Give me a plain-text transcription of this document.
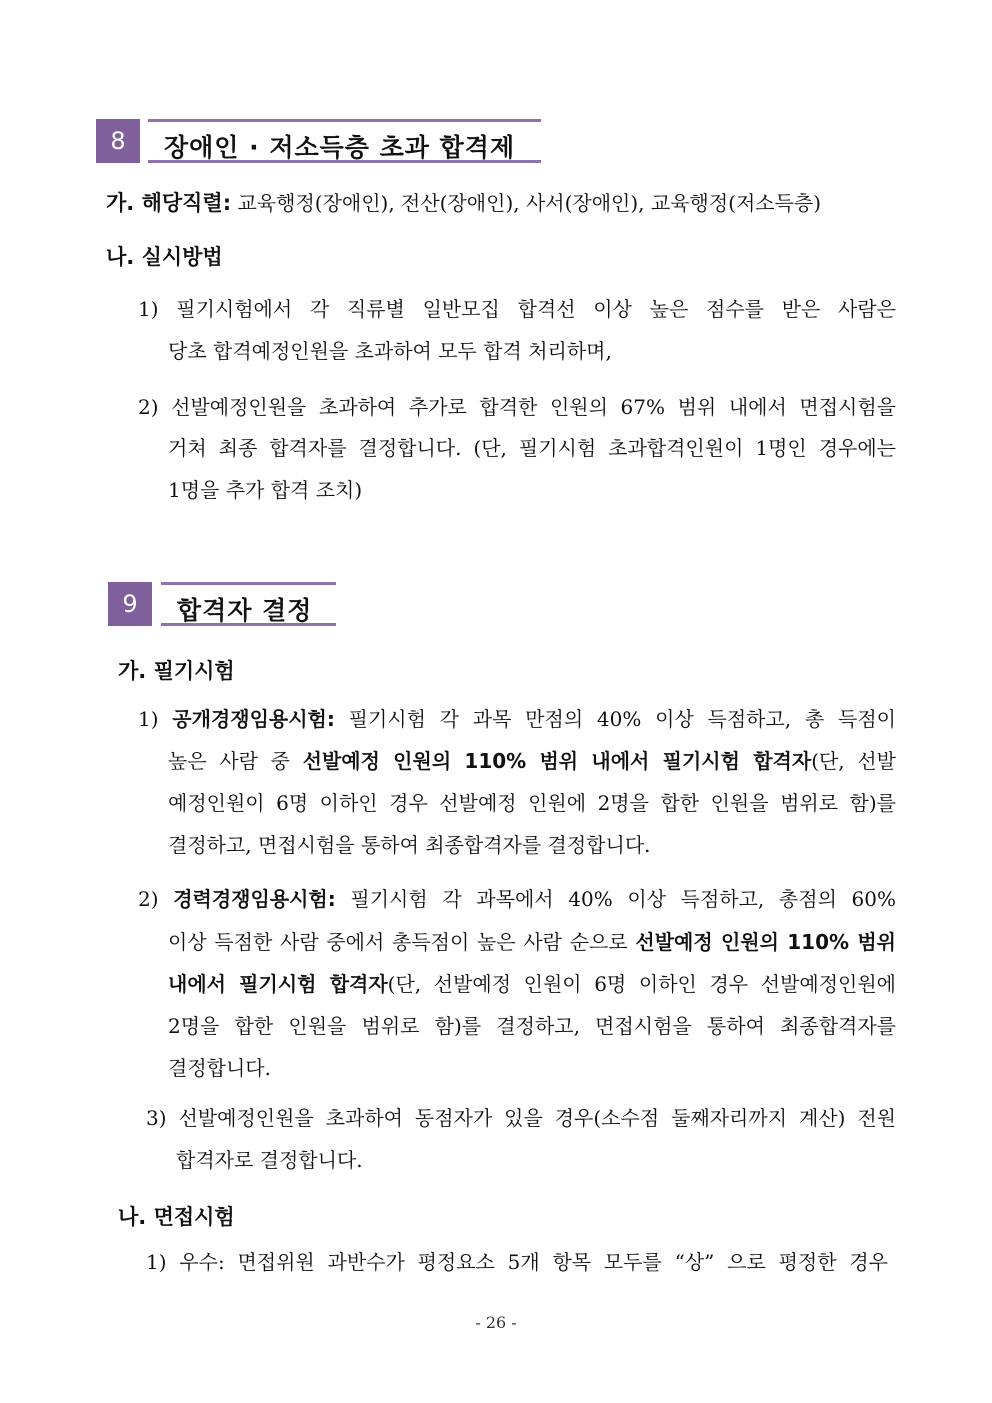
8	장애인 · 저소득층 초과 합격제
가. 해당직렬: 교육행정(장애인), 전산(장애인), 사서(장애인), 교육행정(저소득층)
나. 실시방법
1) 필기시험에서 각 직류별 일반모집 합격선 이상 높은 점수를 받은 사람은
당초 합격예정인원을 초과하여 모두 합격 처리하며,
2) 선발예정인원을 초과하여 추가로 합격한 인원의 67% 범위 내에서 면접시험을
거쳐 최종 합격자를 결정합니다. (단, 필기시험 초과합격인원이 1명인 경우에는
1명을 추가 합격 조치)
9	합격자 결정
가. 필기시험
1) 공개경쟁임용시험: 필기시험 각 과목 만점의 40% 이상 득점하고, 총 득점이
높은 사람 중 선발예정 인원의 110% 범위 내에서 필기시험 합격자(단, 선발
예정인원이 6명 이하인 경우 선발예정 인원에 2명을 합한 인원을 범위로 함)를
결정하고, 면접시험을 통하여 최종합격자를 결정합니다.
2) 경력경쟁임용시험: 필기시험 각 과목에서 40% 이상 득점하고, 총점의 60%
이상 득점한 사람 중에서 총득점이 높은 사람 순으로 선발예정 인원의 110% 범위
내에서 필기시험 합격자(단, 선발예정 인원이 6명 이하인 경우 선발예정인원에
2명을 합한 인원을 범위로 함)를 결정하고, 면접시험을 통하여 최종합격자를
결정합니다.
3) 선발예정인원을 초과하여 동점자가 있을 경우(소수점 둘째자리까지 계산) 전원
합격자로 결정합니다.
나. 면접시험
1) 우수: 면접위원 과반수가 평정요소 5개 항목 모두를 “상” 으로 평정한 경우
- 26 -
